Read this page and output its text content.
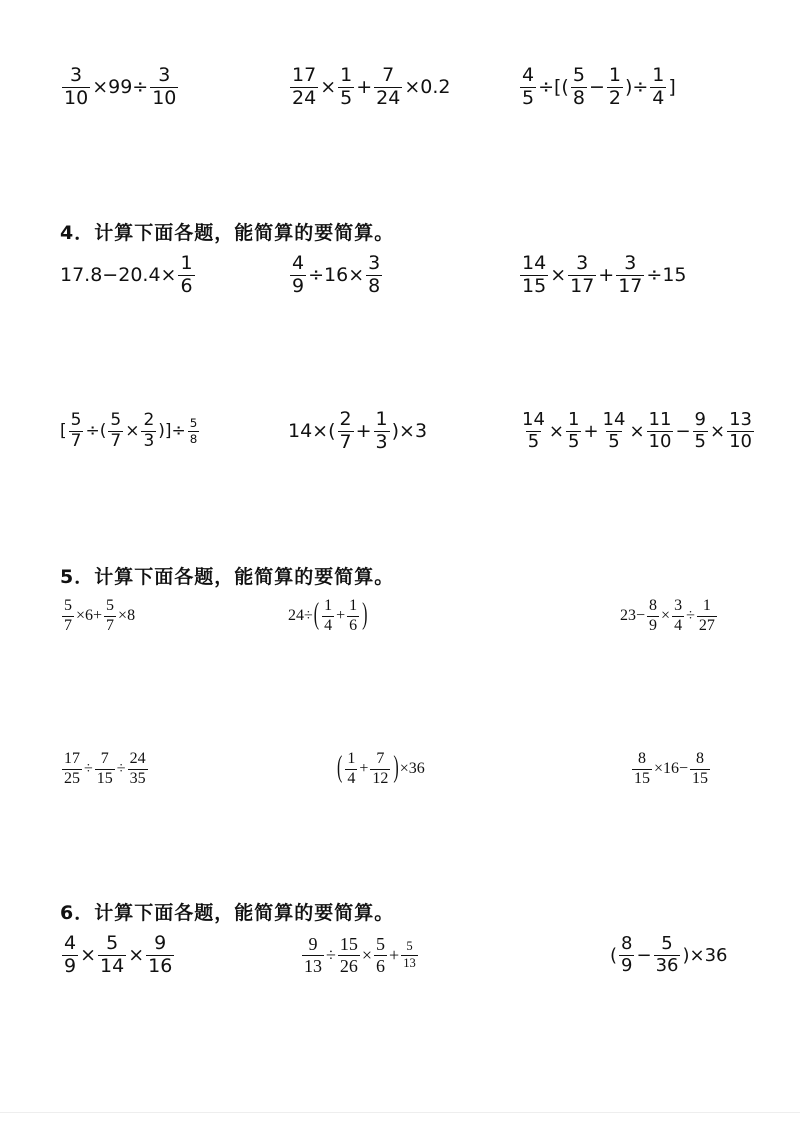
4．计算下面各题，能简算的要简算。
5．计算下面各题，能简算的要简算。
6．计算下面各题，能简算的要简算。
$\frac{3}{10} \times 99\div \frac{3}{10}$	$\frac{17}{24} \times \frac{1}{5} + \frac{7}{24} \times 0.2$	$\frac{4}{5}$ ÷[( $\frac{5}{8} - \frac{1}{2}$ )÷ $\frac{1}{4}$ ]
$17.8-20.4\times \frac{1}{6}$	$\frac{4}{9} \div 16\times \frac{3}{8}$	$\frac{14}{15} \times \frac{3}{17} + \frac{3}{17} \div 15$
[ $\frac{5}{7}$ ÷( $\frac{5}{7} \times \frac{2}{3}$ )]÷ $\frac{5}{8}$	$14\times( \frac{2}{7} + \frac{1}{3} )\times 3$	$\frac{14}{5} \times \frac{1}{5} + \frac{14}{5} \times \frac{11}{10} - \frac{9}{5} \times \frac{13}{10}$
$\frac{5}{7} \times 6+ \frac{5}{7} \times 8$	24÷ ( $\frac{1}{4} + \frac{1}{6}$ )	$23- \frac{8}{9} \times \frac{3}{4} \div \frac{1}{27}$
$\frac{17}{25} \div \frac{7}{15} \div \frac{24}{35}$	( $\frac{1}{4} + \frac{7}{12}$ ) ×36	$\frac{8}{15} \times 16- \frac{8}{15}$
$\frac{4}{9} \times \frac{5}{14} \times \frac{9}{16}$	$\frac{9}{13} \div \frac{15}{26} \times \frac{5}{6} + \frac{5}{13}$	( $\frac{8}{9} - \frac{5}{36} )\times 36$
